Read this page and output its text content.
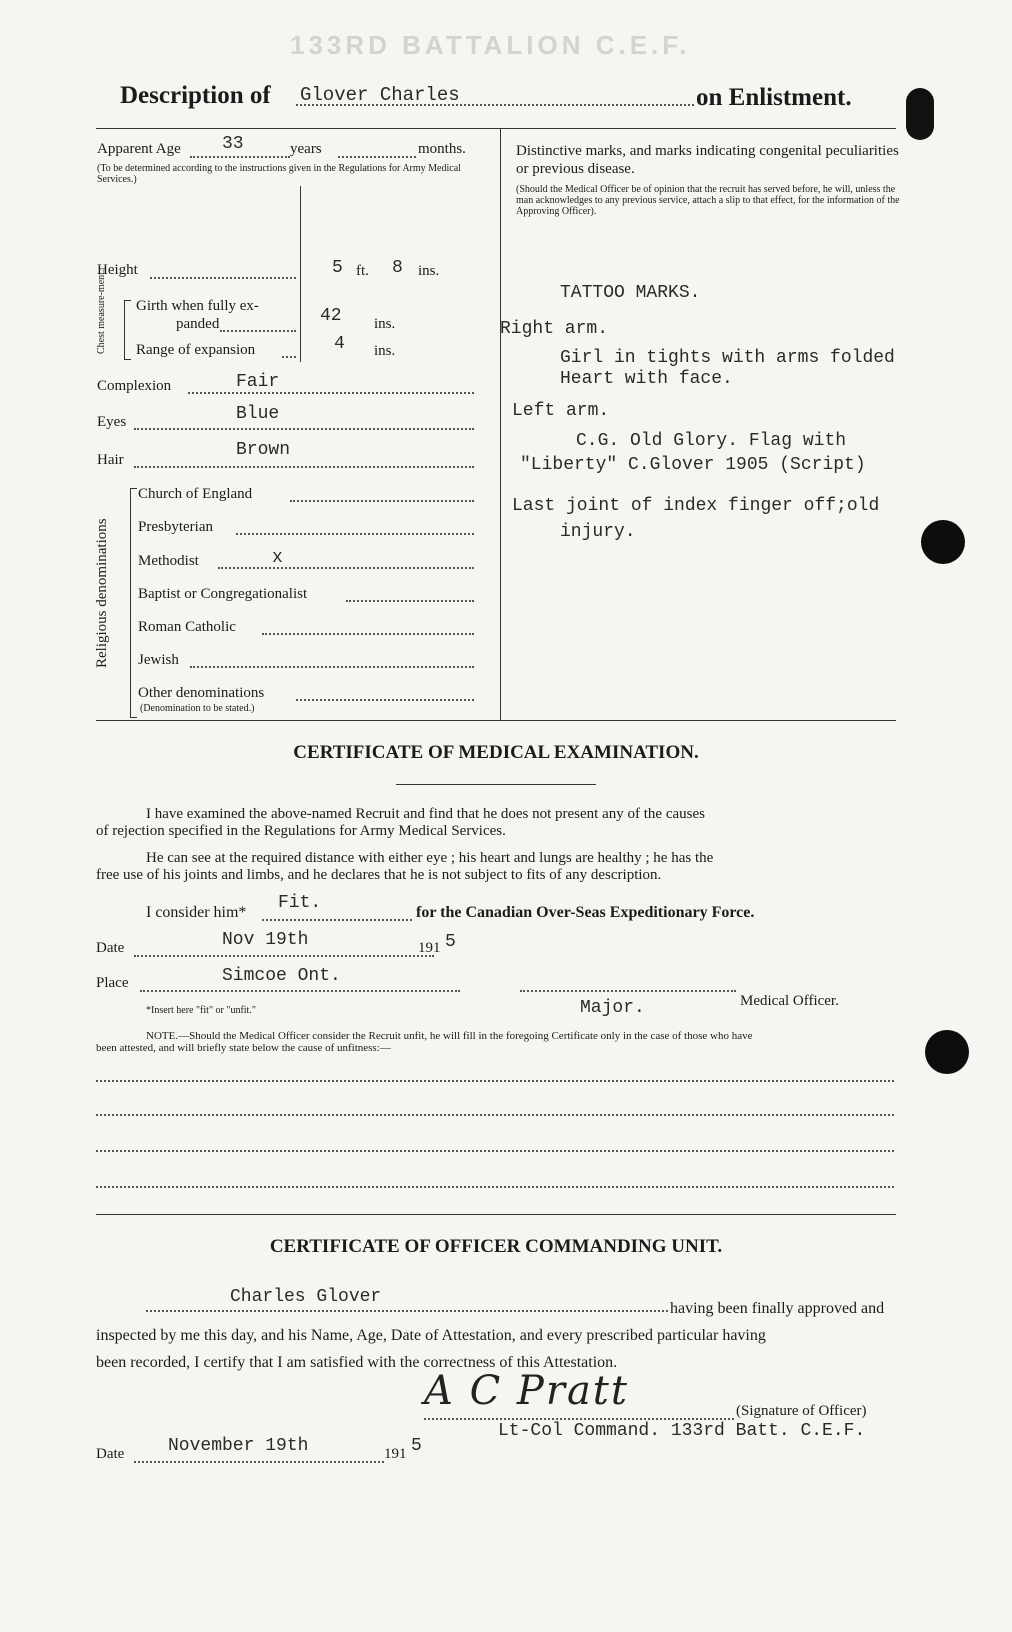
133RD BATTALION C.E.F.
Description of Glover Charles	on Enlistment.
Apparent Age 33	years	months.
(To be determined according to the instructions given in the Regulations for Army Medical Services.)
Height	5 ft. 8 ins.
Chest measure-ment. Girth when fully ex-
panded	42 ins.
Range of expansion	4 ins.
Complexion	Fair
Eyes	Blue
Hair	Brown
Religious denominations
Church of England
Presbyterian
Methodist	x
Baptist or Congregationalist
Roman Catholic
Jewish
Other denominations
(Denomination to be stated.)
Distinctive marks, and marks indicating congenital peculiarities or previous disease.
(Should the Medical Officer be of opinion that the recruit has served before, he will, unless the man acknowledges to any previous service, attach a slip to that effect, for the information of the Approving Officer).
TATTOO MARKS.
Right arm.
Girl in tights with arms folded
Heart with face.
Left arm.
C.G. Old Glory. Flag with
"Liberty" C.Glover 1905 (Script)
Last joint of index finger off;old
injury.
CERTIFICATE OF MEDICAL EXAMINATION.
I have examined the above-named Recruit and find that he does not present any of the causes
of rejection specified in the Regulations for Army Medical Services.
He can see at the required distance with either eye ; his heart and lungs are healthy ; he has the
free use of his joints and limbs, and he declares that he is not subject to fits of any description.
I consider him* Fit.	for the Canadian Over-Seas Expeditionary Force.
Date	Nov 19th	191 5
Place	Simcoe Ont.
*Insert here "fit" or "unfit."	Major.	Medical Officer.
NOTE.—Should the Medical Officer consider the Recruit unfit, he will fill in the foregoing Certificate only in the case of those who have
been attested, and will briefly state below the cause of unfitness:—
CERTIFICATE OF OFFICER COMMANDING UNIT.
Charles Glover
having been finally approved and
inspected by me this day, and his Name, Age, Date of Attestation, and every prescribed particular having
been recorded, I certify that I am satisfied with the correctness of this Attestation.
A C Pratt	(Signature of Officer)
Lt-Col Command. 133rd Batt. C.E.F.
Date November 19th	191 5
